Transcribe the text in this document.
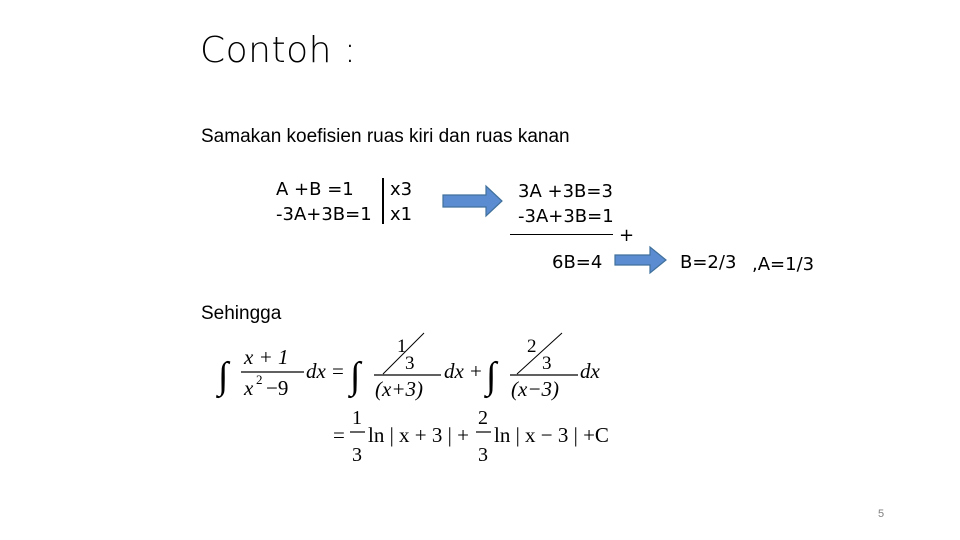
Contoh :
Samakan koefisien ruas kiri dan ruas kanan
A +B =1
-3A+3B=1
x3
x1
3A +3B=3
-3A+3B=1
+
6B=4	B=2/3 ,A=1/3
Sehingga
∫ x + 1
x 2 −9
dx = ∫
1
3
(x+3)
dx + ∫
2
3
(x−3)
dx
=
1
3
ln | x + 3 | +
2
3
ln | x − 3 | +C
5
